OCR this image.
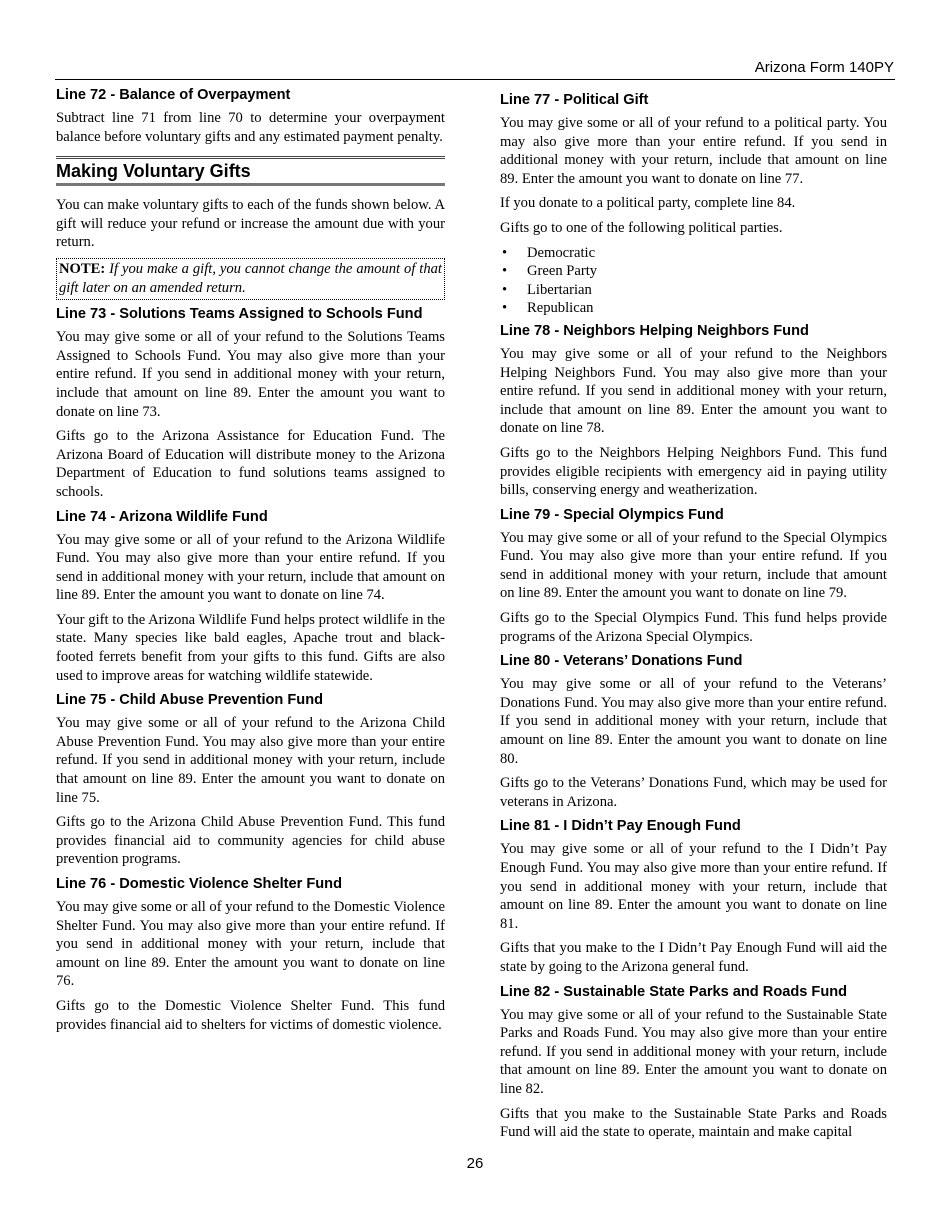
Arizona Form 140PY
Line 72 - Balance of Overpayment

Subtract line 71 from line 70 to determine your overpayment balance before voluntary gifts and any estimated payment penalty.

Making Voluntary Gifts

You can make voluntary gifts to each of the funds shown below. A gift will reduce your refund or increase the amount due with your return.

NOTE: If you make a gift, you cannot change the amount of that gift later on an amended return.
Line 73 - Solutions Teams Assigned to Schools Fund

You may give some or all of your refund to the Solutions Teams Assigned to Schools Fund. You may also give more than your entire refund. If you send in additional money with your return, include that amount on line 89. Enter the amount you want to donate on line 73.

Gifts go to the Arizona Assistance for Education Fund. The Arizona Board of Education will distribute money to the Arizona Department of Education to fund solutions teams assigned to schools.

Line 74 - Arizona Wildlife Fund

You may give some or all of your refund to the Arizona Wildlife Fund. You may also give more than your entire refund. If you send in additional money with your return, include that amount on line 89. Enter the amount you want to donate on line 74.

Your gift to the Arizona Wildlife Fund helps protect wildlife in the state. Many species like bald eagles, Apache trout and black-footed ferrets benefit from your gifts to this fund. Gifts are also used to improve areas for watching wildlife statewide.

Line 75 - Child Abuse Prevention Fund

You may give some or all of your refund to the Arizona Child Abuse Prevention Fund. You may also give more than your entire refund. If you send in additional money with your return, include that amount on line 89. Enter the amount you want to donate on line 75.

Gifts go to the Arizona Child Abuse Prevention Fund. This fund provides financial aid to community agencies for child abuse prevention programs.

Line 76 - Domestic Violence Shelter Fund

You may give some or all of your refund to the Domestic Violence Shelter Fund. You may also give more than your entire refund. If you send in additional money with your return, include that amount on line 89. Enter the amount you want to donate on line 76.

Gifts go to the Domestic Violence Shelter Fund. This fund provides financial aid to shelters for victims of domestic violence.

Line 77 - Political Gift

You may give some or all of your refund to a political party. You may also give more than your entire refund. If you send in additional money with your return, include that amount on line 89. Enter the amount you want to donate on line 77.

If you donate to a political party, complete line 84.

Gifts go to one of the following political parties.

• Democratic
• Green Party
• Libertarian
• Republican
Line 78 - Neighbors Helping Neighbors Fund

You may give some or all of your refund to the Neighbors Helping Neighbors Fund. You may also give more than your entire refund. If you send in additional money with your return, include that amount on line 89. Enter the amount you want to donate on line 78.

Gifts go to the Neighbors Helping Neighbors Fund. This fund provides eligible recipients with emergency aid in paying utility bills, conserving energy and weatherization.

Line 79 - Special Olympics Fund

You may give some or all of your refund to the Special Olympics Fund. You may also give more than your entire refund. If you send in additional money with your return, include that amount on line 89. Enter the amount you want to donate on line 79.

Gifts go to the Special Olympics Fund. This fund helps provide programs of the Arizona Special Olympics.

Line 80 - Veterans’ Donations Fund

You may give some or all of your refund to the Veterans’ Donations Fund. You may also give more than your entire refund. If you send in additional money with your return, include that amount on line 89. Enter the amount you want to donate on line 80.

Gifts go to the Veterans’ Donations Fund, which may be used for veterans in Arizona.

Line 81 - I Didn’t Pay Enough Fund

You may give some or all of your refund to the I Didn’t Pay Enough Fund. You may also give more than your entire refund. If you send in additional money with your return, include that amount on line 89. Enter the amount you want to donate on line 81.

Gifts that you make to the I Didn’t Pay Enough Fund will aid the state by going to the Arizona general fund.

Line 82 - Sustainable State Parks and Roads Fund

You may give some or all of your refund to the Sustainable State Parks and Roads Fund. You may also give more than your entire refund. If you send in additional money with your return, include that amount on line 89. Enter the amount you want to donate on line 82.

Gifts that you make to the Sustainable State Parks and Roads Fund will aid the state to operate, maintain and make capital

26
